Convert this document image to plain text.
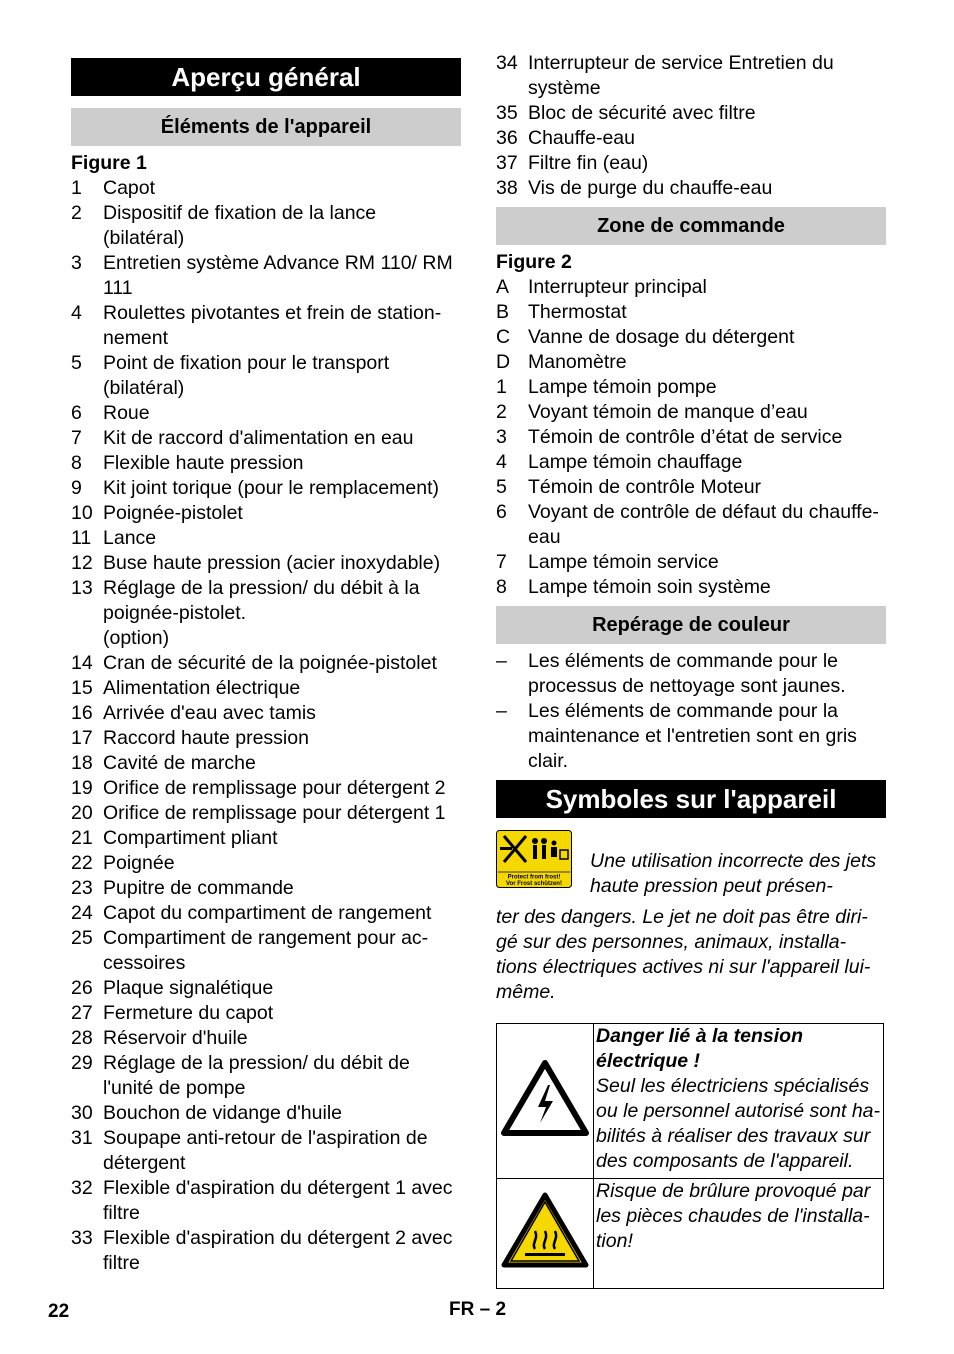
Aperçu général
Éléments de l'appareil
Figure 1
1	Capot
2	Dispositif de fixation de la lance (bilatéral)
3	Entretien système Advance RM 110/ RM 111
4	Roulettes pivotantes et frein de station-nement
5	Point de fixation pour le transport (bilatéral)
6	Roue
7	Kit de raccord d'alimentation en eau
8	Flexible haute pression
9	Kit joint torique (pour le remplacement)
10 Poignée-pistolet
11 Lance
12 Buse haute pression (acier inoxydable)
13 Réglage de la pression/ du débit à la poignée-pistolet.
(option)
14 Cran de sécurité de la poignée-pistolet
15 Alimentation électrique
16 Arrivée d'eau avec tamis
17 Raccord haute pression
18 Cavité de marche
19 Orifice de remplissage pour détergent 2
20 Orifice de remplissage pour détergent 1
21 Compartiment pliant
22 Poignée
23 Pupitre de commande
24 Capot du compartiment de rangement
25 Compartiment de rangement pour ac-cessoires
26 Plaque signalétique
27 Fermeture du capot
28 Réservoir d'huile
29 Réglage de la pression/ du débit de l'unité de pompe
30 Bouchon de vidange d'huile
31 Soupape anti-retour de l'aspiration de détergent
32 Flexible d'aspiration du détergent 1 avec filtre
33 Flexible d'aspiration du détergent 2 avec filtre
34 Interrupteur de service Entretien du système
35 Bloc de sécurité avec filtre
36 Chauffe-eau
37 Filtre fin (eau)
38 Vis de purge du chauffe-eau
Zone de commande
Figure 2
A Interrupteur principal
B Thermostat
C Vanne de dosage du détergent
D Manomètre
1	Lampe témoin pompe
2	Voyant témoin de manque d’eau
3	Témoin de contrôle d’état de service
4	Lampe témoin chauffage
5	Témoin de contrôle Moteur
6	Voyant de contrôle de défaut du chauffe-eau
7	Lampe témoin service
8	Lampe témoin soin système
Repérage de couleur
–	Les éléments de commande pour le processus de nettoyage sont jaunes.
–	Les éléments de commande pour la maintenance et l'entretien sont en gris clair.
Symboles sur l'appareil
Protect from frost!
Vor Frost schützen!
Une utilisation incorrecte des jets haute pression peut présen-
ter des dangers. Le jet ne doit pas être diri-gé sur des personnes, animaux, installa-tions électriques actives ni sur l'appareil lui-même.

Danger lié à la tension électrique !
Seul les électriciens spécialisés ou le personnel autorisé sont ha-bilités à réaliser des travaux sur des composants de l'appareil.

Risque de brûlure provoqué par les pièces chaudes de l'installa-tion!
22	FR – 2
